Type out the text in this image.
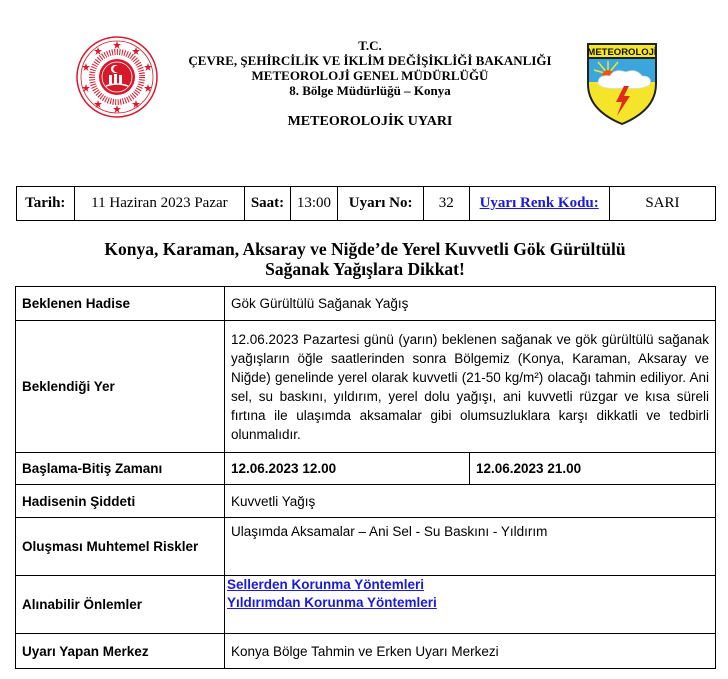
T.C.
ÇEVRE, ŞEHİRCİLİK VE İKLİM DEĞİŞİKLİĞİ BAKANLIĞI
METEOROLOJİ GENEL MÜDÜRLÜĞÜ
8. Bölge Müdürlüğü – Konya
METEOROLOJİK UYARI
METEOROLOJİ
Tarih:	11 Haziran 2023 Pazar	Saat:	13:00	Uyarı No:	32	Uyarı Renk Kodu:	SARI
Konya, Karaman, Aksaray ve Niğde’de Yerel Kuvvetli Gök Gürültülü
Sağanak Yağışlara Dikkat!
Beklenen Hadise	Gök Gürültülü Sağanak Yağış	
Beklendiği Yer	12.06.2023 Pazartesi günü (yarın) beklenen sağanak ve gök gürültülü sağanak yağışların öğle saatlerinden sonra Bölgemiz (Konya, Karaman, Aksaray ve Niğde) genelinde yerel olarak kuvvetli (21-50 kg/m²) olacağı tahmin ediliyor. Ani sel, su baskını, yıldırım, yerel dolu yağışı, ani kuvvetli rüzgar ve kısa süreli fırtına ile ulaşımda aksamalar gibi olumsuzluklara karşı dikkatli ve tedbirli olunmalıdır.	
Başlama-Bitiş Zamanı	12.06.2023 12.00	12.06.2023 21.00
Hadisenin Şiddeti	Kuvvetli Yağış	
Oluşması Muhtemel Riskler	Ulaşımda Aksamalar – Ani Sel - Su Baskını - Yıldırım	
Alınabilir Önlemler	Sellerden Korunma Yöntemleri
Yıldırımdan Korunma Yöntemleri	

Uyarı Yapan Merkez	Konya Bölge Tahmin ve Erken Uyarı Merkezi	
